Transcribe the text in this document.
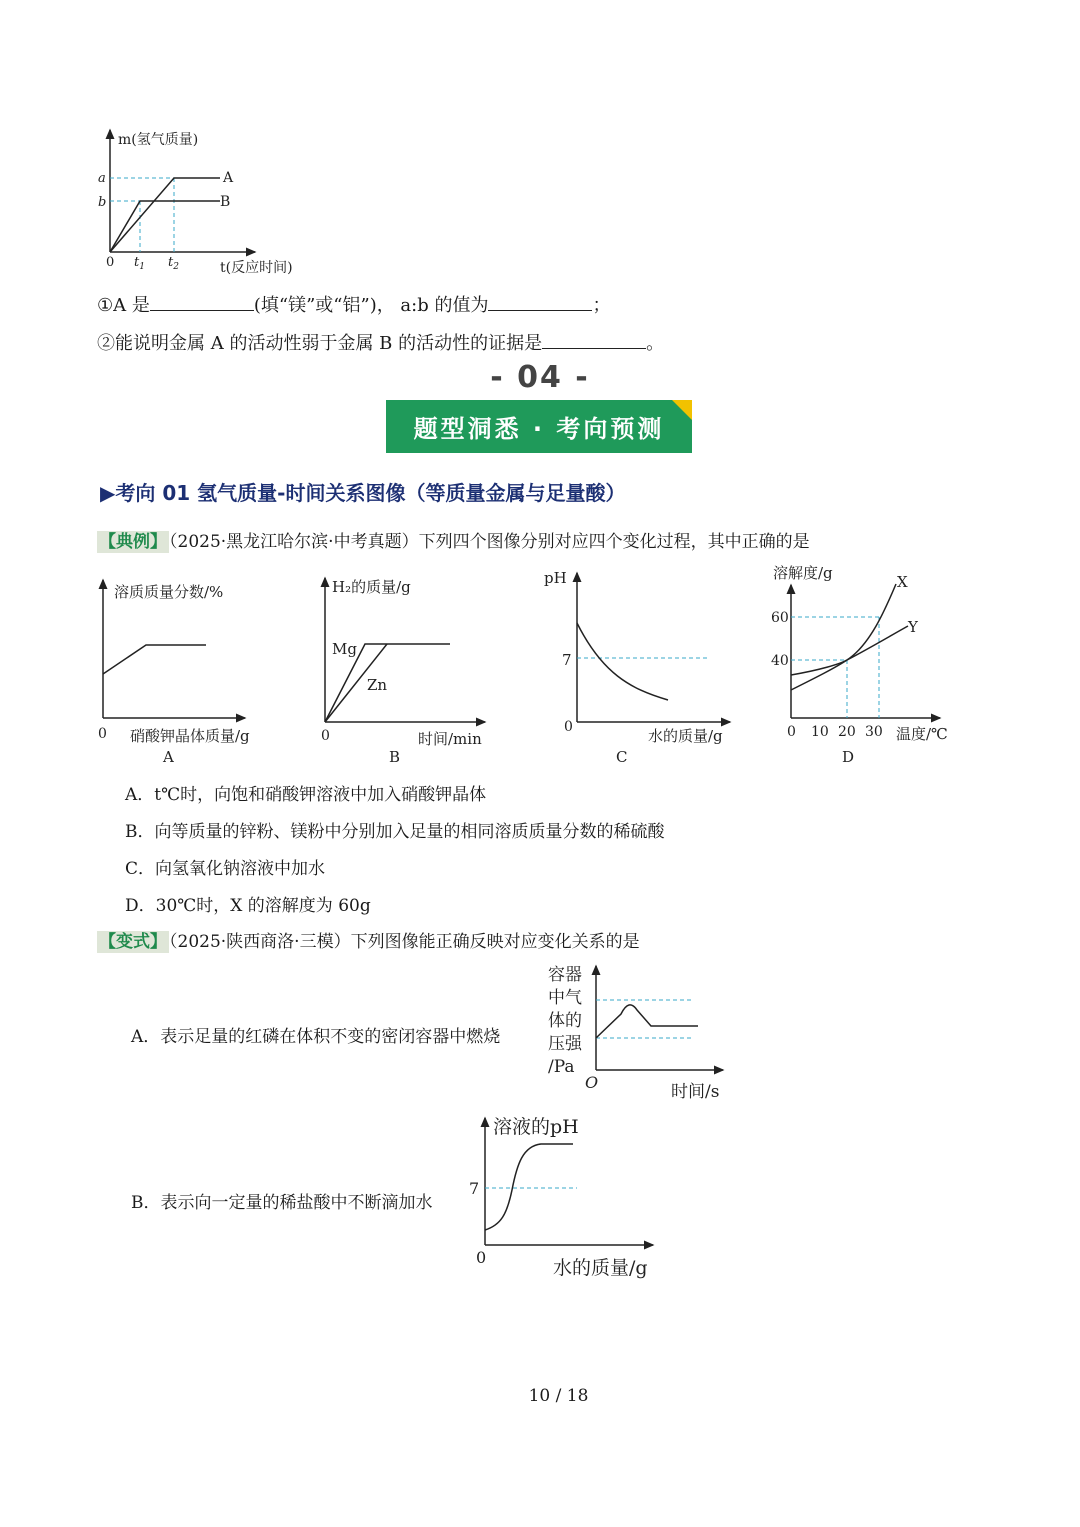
m(氢气质量)
t(反应时间)
0
a
b
$t_1$ $t_2$
A
B
①A 是	(填“镁”或“铝”)， a:b 的值为	；
②能说明金属 A 的活动性弱于金属 B 的活动性的证据是	。
- 04 -
题型洞悉 · 考向预测
▶考向 01 氢气质量-时间关系图像（等质量金属与足量酸）
【典例】 （2025·黑龙江哈尔滨·中考真题）下列四个图像分别对应四个变化过程，其中正确的是
溶质质量分数/%
0 硝酸钾晶体质量/g
A
H₂的质量/g
0	时间/min
Mg
Zn
B
pH
7
0	水的质量/g
C
溶解度/g
60
40
0 10 20 30 温度/℃
X
Y
D
A．t℃时，向饱和硝酸钾溶液中加入硝酸钾晶体
B．向等质量的锌粉、镁粉中分别加入足量的相同溶质质量分数的稀硫酸
C．向氢氧化钠溶液中加水
D．30℃时，X 的溶解度为 60g
【变式】 （2025·陕西商洛·三模）下列图像能正确反映对应变化关系的是
A．表示足量的红磷在体积不变的密闭容器中燃烧
容器
中气
体的
压强
/Pa
O	时间/s
B．表示向一定量的稀盐酸中不断滴加水
溶液的pH
7
0	水的质量/g
10 / 18
